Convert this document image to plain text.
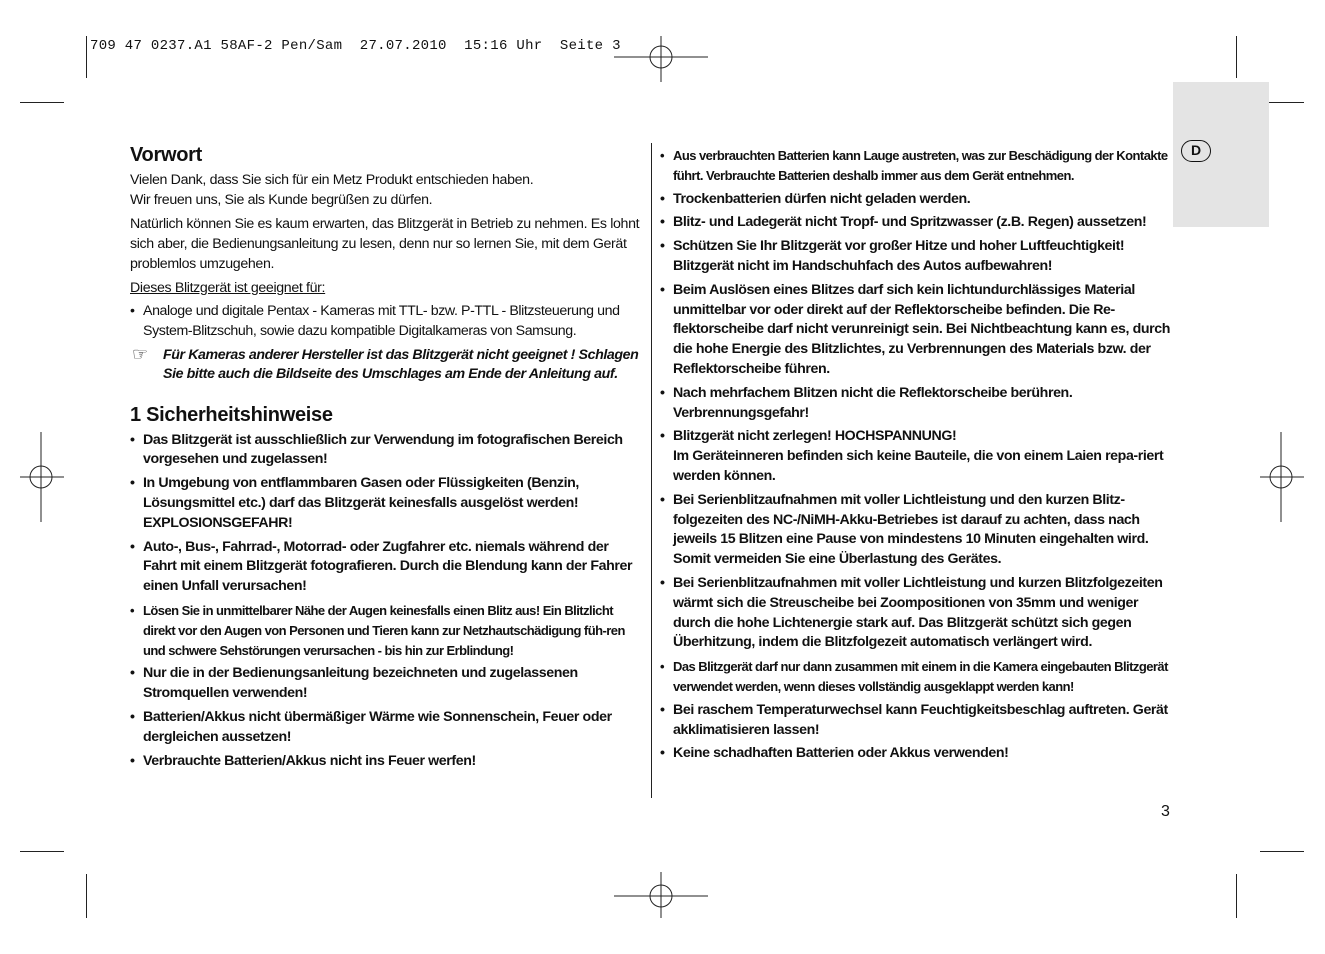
709 47 0237.A1 58AF-2 Pen/Sam  27.07.2010  15:16 Uhr  Seite 3
D
Vorwort

Vielen Dank, dass Sie sich für ein Metz Produkt entschieden haben.

Wir freuen uns, Sie als Kunde begrüßen zu dürfen.

Natürlich können Sie es kaum erwarten, das Blitzgerät in Betrieb zu nehmen. Es lohnt sich aber, die Bedienungsanleitung zu lesen, denn nur so lernen Sie, mit dem Gerät problemlos umzugehen.

Dieses Blitzgerät ist geeignet für:

• Analoge und digitale Pentax - Kameras mit TTL- bzw. P-TTL - Blitzsteuerung und System-Blitzschuh, sowie dazu kompatible Digitalkameras von Samsung.
☞ Für Kameras anderer Hersteller ist das Blitzgerät nicht geeignet ! Schlagen Sie bitte auch die Bildseite des Umschlages am Ende der Anleitung auf.
1 Sicherheitshinweise
• Das Blitzgerät ist ausschließlich zur Verwendung im fotografischen Bereich vorgesehen und zugelassen!
• In Umgebung von entflammbaren Gasen oder Flüssigkeiten (Benzin, Lösungsmittel etc.) darf das Blitzgerät keinesfalls ausgelöst werden! EXPLOSIONSGEFAHR!
• Auto-, Bus-, Fahrrad-, Motorrad- oder Zugfahrer etc. niemals während der Fahrt mit einem Blitzgerät fotografieren. Durch die Blendung kann der Fahrer einen Unfall verursachen!
• Lösen Sie in unmittelbarer Nähe der Augen keinesfalls einen Blitz aus! Ein Blitzlicht direkt vor den Augen von Personen und Tieren kann zur Netzhautschädigung füh-ren und schwere Sehstörungen verursachen - bis hin zur Erblindung!
• Nur die in der Bedienungsanleitung bezeichneten und zugelassenen Stromquellen verwenden!
• Batterien/Akkus nicht übermäßiger Wärme wie Sonnenschein, Feuer oder dergleichen aussetzen!
• Verbrauchte Batterien/Akkus nicht ins Feuer werfen!
• Aus verbrauchten Batterien kann Lauge austreten, was zur Beschädigung der Kontakte führt. Verbrauchte Batterien deshalb immer aus dem Gerät entnehmen.
• Trockenbatterien dürfen nicht geladen werden.
• Blitz- und Ladegerät nicht Tropf- und Spritzwasser (z.B. Regen) aussetzen!
• Schützen Sie Ihr Blitzgerät vor großer Hitze und hoher Luftfeuchtigkeit! Blitzgerät nicht im Handschuhfach des Autos aufbewahren!
• Beim Auslösen eines Blitzes darf sich kein lichtundurchlässiges Material unmittelbar vor oder direkt auf der Reflektorscheibe befinden. Die Re-flektorscheibe darf nicht verunreinigt sein. Bei Nichtbeachtung kann es, durch die hohe Energie des Blitzlichtes, zu Verbrennungen des Materials bzw. der Reflektorscheibe führen.
• Nach mehrfachem Blitzen nicht die Reflektorscheibe berühren. Verbrennungsgefahr!
• Blitzgerät nicht zerlegen! HOCHSPANNUNG!
Im Geräteinneren befinden sich keine Bauteile, die von einem Laien repa-riert werden können.
• Bei Serienblitzaufnahmen mit voller Lichtleistung und den kurzen Blitz-folgezeiten des NC-/NiMH-Akku-Betriebes ist darauf zu achten, dass nach jeweils 15 Blitzen eine Pause von mindestens 10 Minuten eingehalten wird. Somit vermeiden Sie eine Überlastung des Gerätes.
• Bei Serienblitzaufnahmen mit voller Lichtleistung und kurzen Blitzfolgezeiten wärmt sich die Streuscheibe bei Zoompositionen von 35mm und weniger durch die hohe Lichtenergie stark auf. Das Blitzgerät schützt sich gegen Überhitzung, indem die Blitzfolgezeit automatisch verlängert wird.
• Das Blitzgerät darf nur dann zusammen mit einem in die Kamera eingebauten Blitzgerät verwendet werden, wenn dieses vollständig ausgeklappt werden kann!
• Bei raschem Temperaturwechsel kann Feuchtigkeitsbeschlag auftreten. Gerät akklimatisieren lassen!
• Keine schadhaften Batterien oder Akkus verwenden!
3
